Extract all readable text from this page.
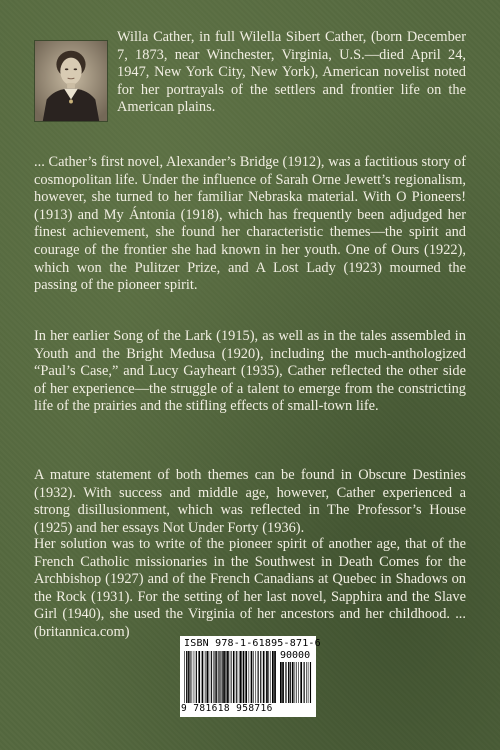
Willa Cather, in full Wilella Sibert Cather, (born December 7, 1873, near Winchester, Virginia, U.S.—died April 24, 1947, New York City, New York), American novelist noted for her portrayals of the settlers and frontier life on the American plains.
... Cather’s first novel, Alexander’s Bridge (1912), was a factitious story of cosmopolitan life. Under the influence of Sarah Orne Jewett’s regionalism, however, she turned to her familiar Nebraska material. With O Pioneers! (1913) and My Ántonia (1918), which has frequently been adjudged her finest achievement, she found her characteristic themes—the spirit and courage of the frontier she had known in her youth. One of Ours (1922), which won the Pulitzer Prize, and A Lost Lady (1923) mourned the passing of the pioneer spirit.
In her earlier Song of the Lark (1915), as well as in the tales assembled in Youth and the Bright Medusa (1920), including the much-anthologized “Paul’s Case,” and Lucy Gayheart (1935), Cather reflected the other side of her experience—the struggle of a talent to emerge from the constricting life of the prairies and the stifling effects of small-town life.
A mature statement of both themes can be found in Obscure Destinies (1932). With success and middle age, however, Cather experienced a strong disillusionment, which was reflected in The Professor’s House (1925) and her essays Not Under Forty (1936).
Her solution was to write of the pioneer spirit of another age, that of the French Catholic missionaries in the Southwest in Death Comes for the Archbishop (1927) and of the French Canadians at Quebec in Shadows on the Rock (1931). For the setting of her last novel, Sapphira and the Slave Girl (1940), she used the Virginia of her ancestors and her childhood. ... (britannica.com)
ISBN 978-1-61895-871-6
90000
9 781618 958716
